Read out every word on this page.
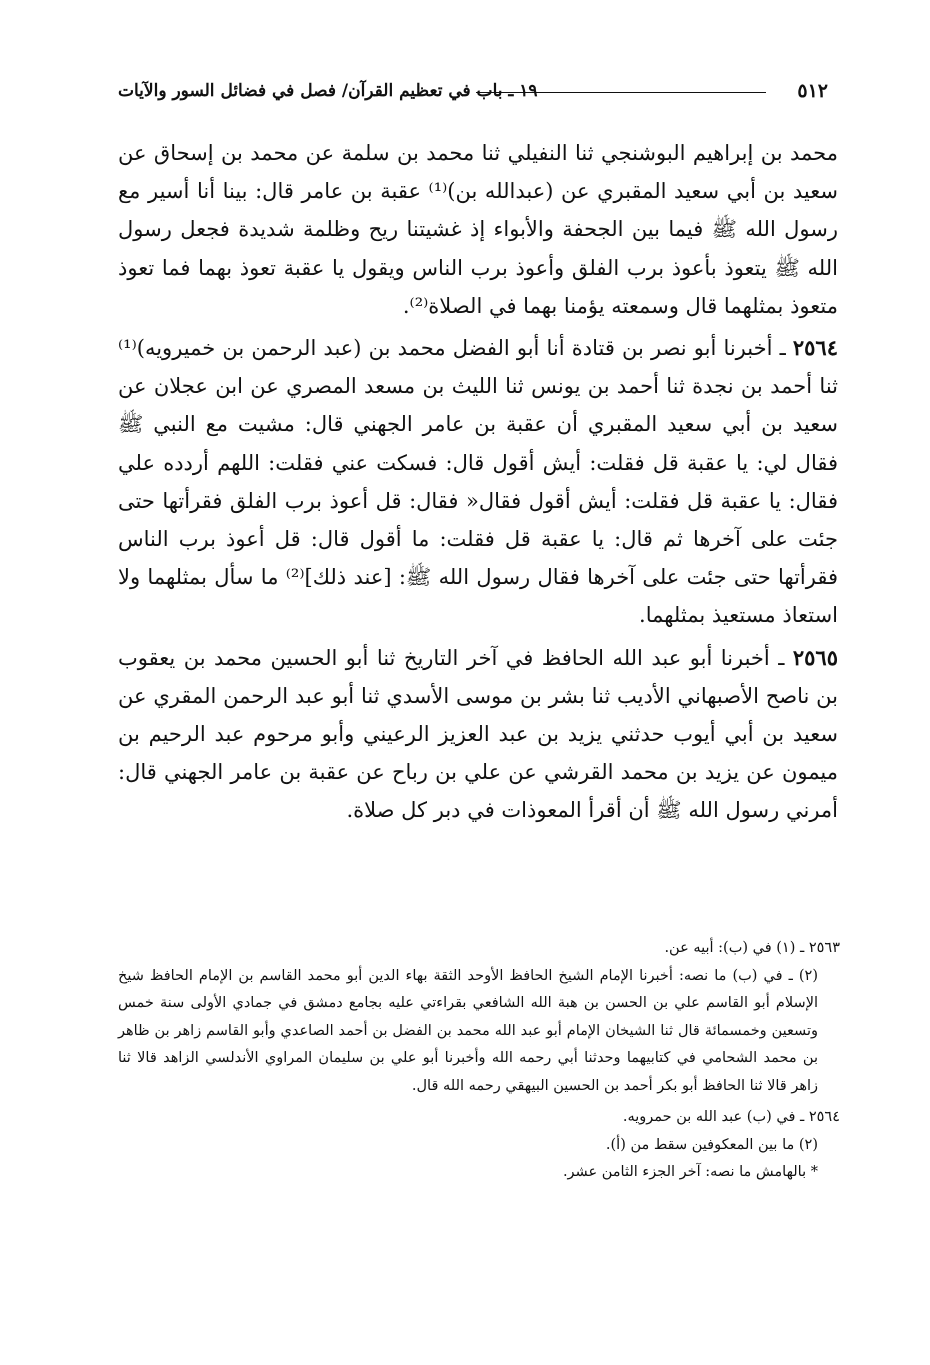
٥١٢
١٩ ـ باب في تعظيم القرآن/ فصل في فضائل السور والآيات

محمد بن إبراهيم البوشنجي ثنا النفيلي ثنا محمد بن سلمة عن محمد بن إسحاق عن سعيد بن أبي سعيد المقبري عن (عبدالله بن)⁽¹⁾ عقبة بن عامر قال: بينا أنا أسير مع رسول الله ﷺ فيما بين الجحفة والأبواء إذ غشيتنا ريح وظلمة شديدة فجعل رسول الله ﷺ يتعوذ بأعوذ برب الفلق وأعوذ برب الناس ويقول يا عقبة تعوذ بهما فما تعوذ متعوذ بمثلهما قال وسمعته يؤمنا بهما في الصلاة⁽²⁾.

٢٥٦٤ ـ أخبرنا أبو نصر بن قتادة أنا أبو الفضل محمد بن (عبد الرحمن بن خميرويه)⁽¹⁾ ثنا أحمد بن نجدة ثنا أحمد بن يونس ثنا الليث بن مسعد المصري عن ابن عجلان عن سعيد بن أبي سعيد المقبري أن عقبة بن عامر الجهني قال: مشيت مع النبي ﷺ فقال لي: يا عقبة قل فقلت: أيش أقول قال: فسكت عني فقلت: اللهم أردده علي فقال: يا عقبة قل فقلت: أيش أقول فقال« فقال: قل أعوذ برب الفلق فقرأتها حتى جئت على آخرها ثم قال: يا عقبة قل فقلت: ما أقول قال: قل أعوذ برب الناس فقرأتها حتى جئت على آخرها فقال رسول الله ﷺ: [عند ذلك]⁽²⁾ ما سأل بمثلهما ولا استعاذ مستعيذ بمثلهما.

٢٥٦٥ ـ أخبرنا أبو عبد الله الحافظ في آخر التاريخ ثنا أبو الحسين محمد بن يعقوب بن ناصح الأصبهاني الأديب ثنا بشر بن موسى الأسدي ثنا أبو عبد الرحمن المقري عن سعيد بن أبي أيوب حدثني يزيد بن عبد العزيز الرعيني وأبو مرحوم عبد الرحيم بن ميمون عن يزيد بن محمد القرشي عن علي بن رباح عن عقبة بن عامر الجهني قال: أمرني رسول الله ﷺ أن أقرأ المعوذات في دبر كل صلاة.

٢٥٦٣ ـ (١) في (ب): أبيه عن.

(٢) ـ في (ب) ما نصه: أخبرنا الإمام الشيخ الحافظ الأوحد الثقة بهاء الدين أبو محمد القاسم بن الإمام الحافظ شيخ الإسلام أبو القاسم علي بن الحسن بن هبة الله الشافعي بقراءتي عليه بجامع دمشق في جمادي الأولى سنة خمس وتسعين وخمسمائة قال ثنا الشيخان الإمام أبو عبد الله محمد بن الفضل بن أحمد الصاعدي وأبو القاسم زاهر بن ظاهر بن محمد الشحامي في كتابيهما وحدثنا أبي رحمه الله وأخبرنا أبو علي بن سليمان المراوي الأندلسي الزاهد قالا ثنا زاهر قالا ثنا الحافظ أبو بكر أحمد بن الحسين البيهقي رحمه الله قال.

٢٥٦٤ ـ في (ب) عبد الله بن حمرويه.

(٢) ما بين المعكوفين سقط من (أ).

* بالهامش ما نصه: آخر الجزء الثامن عشر.
